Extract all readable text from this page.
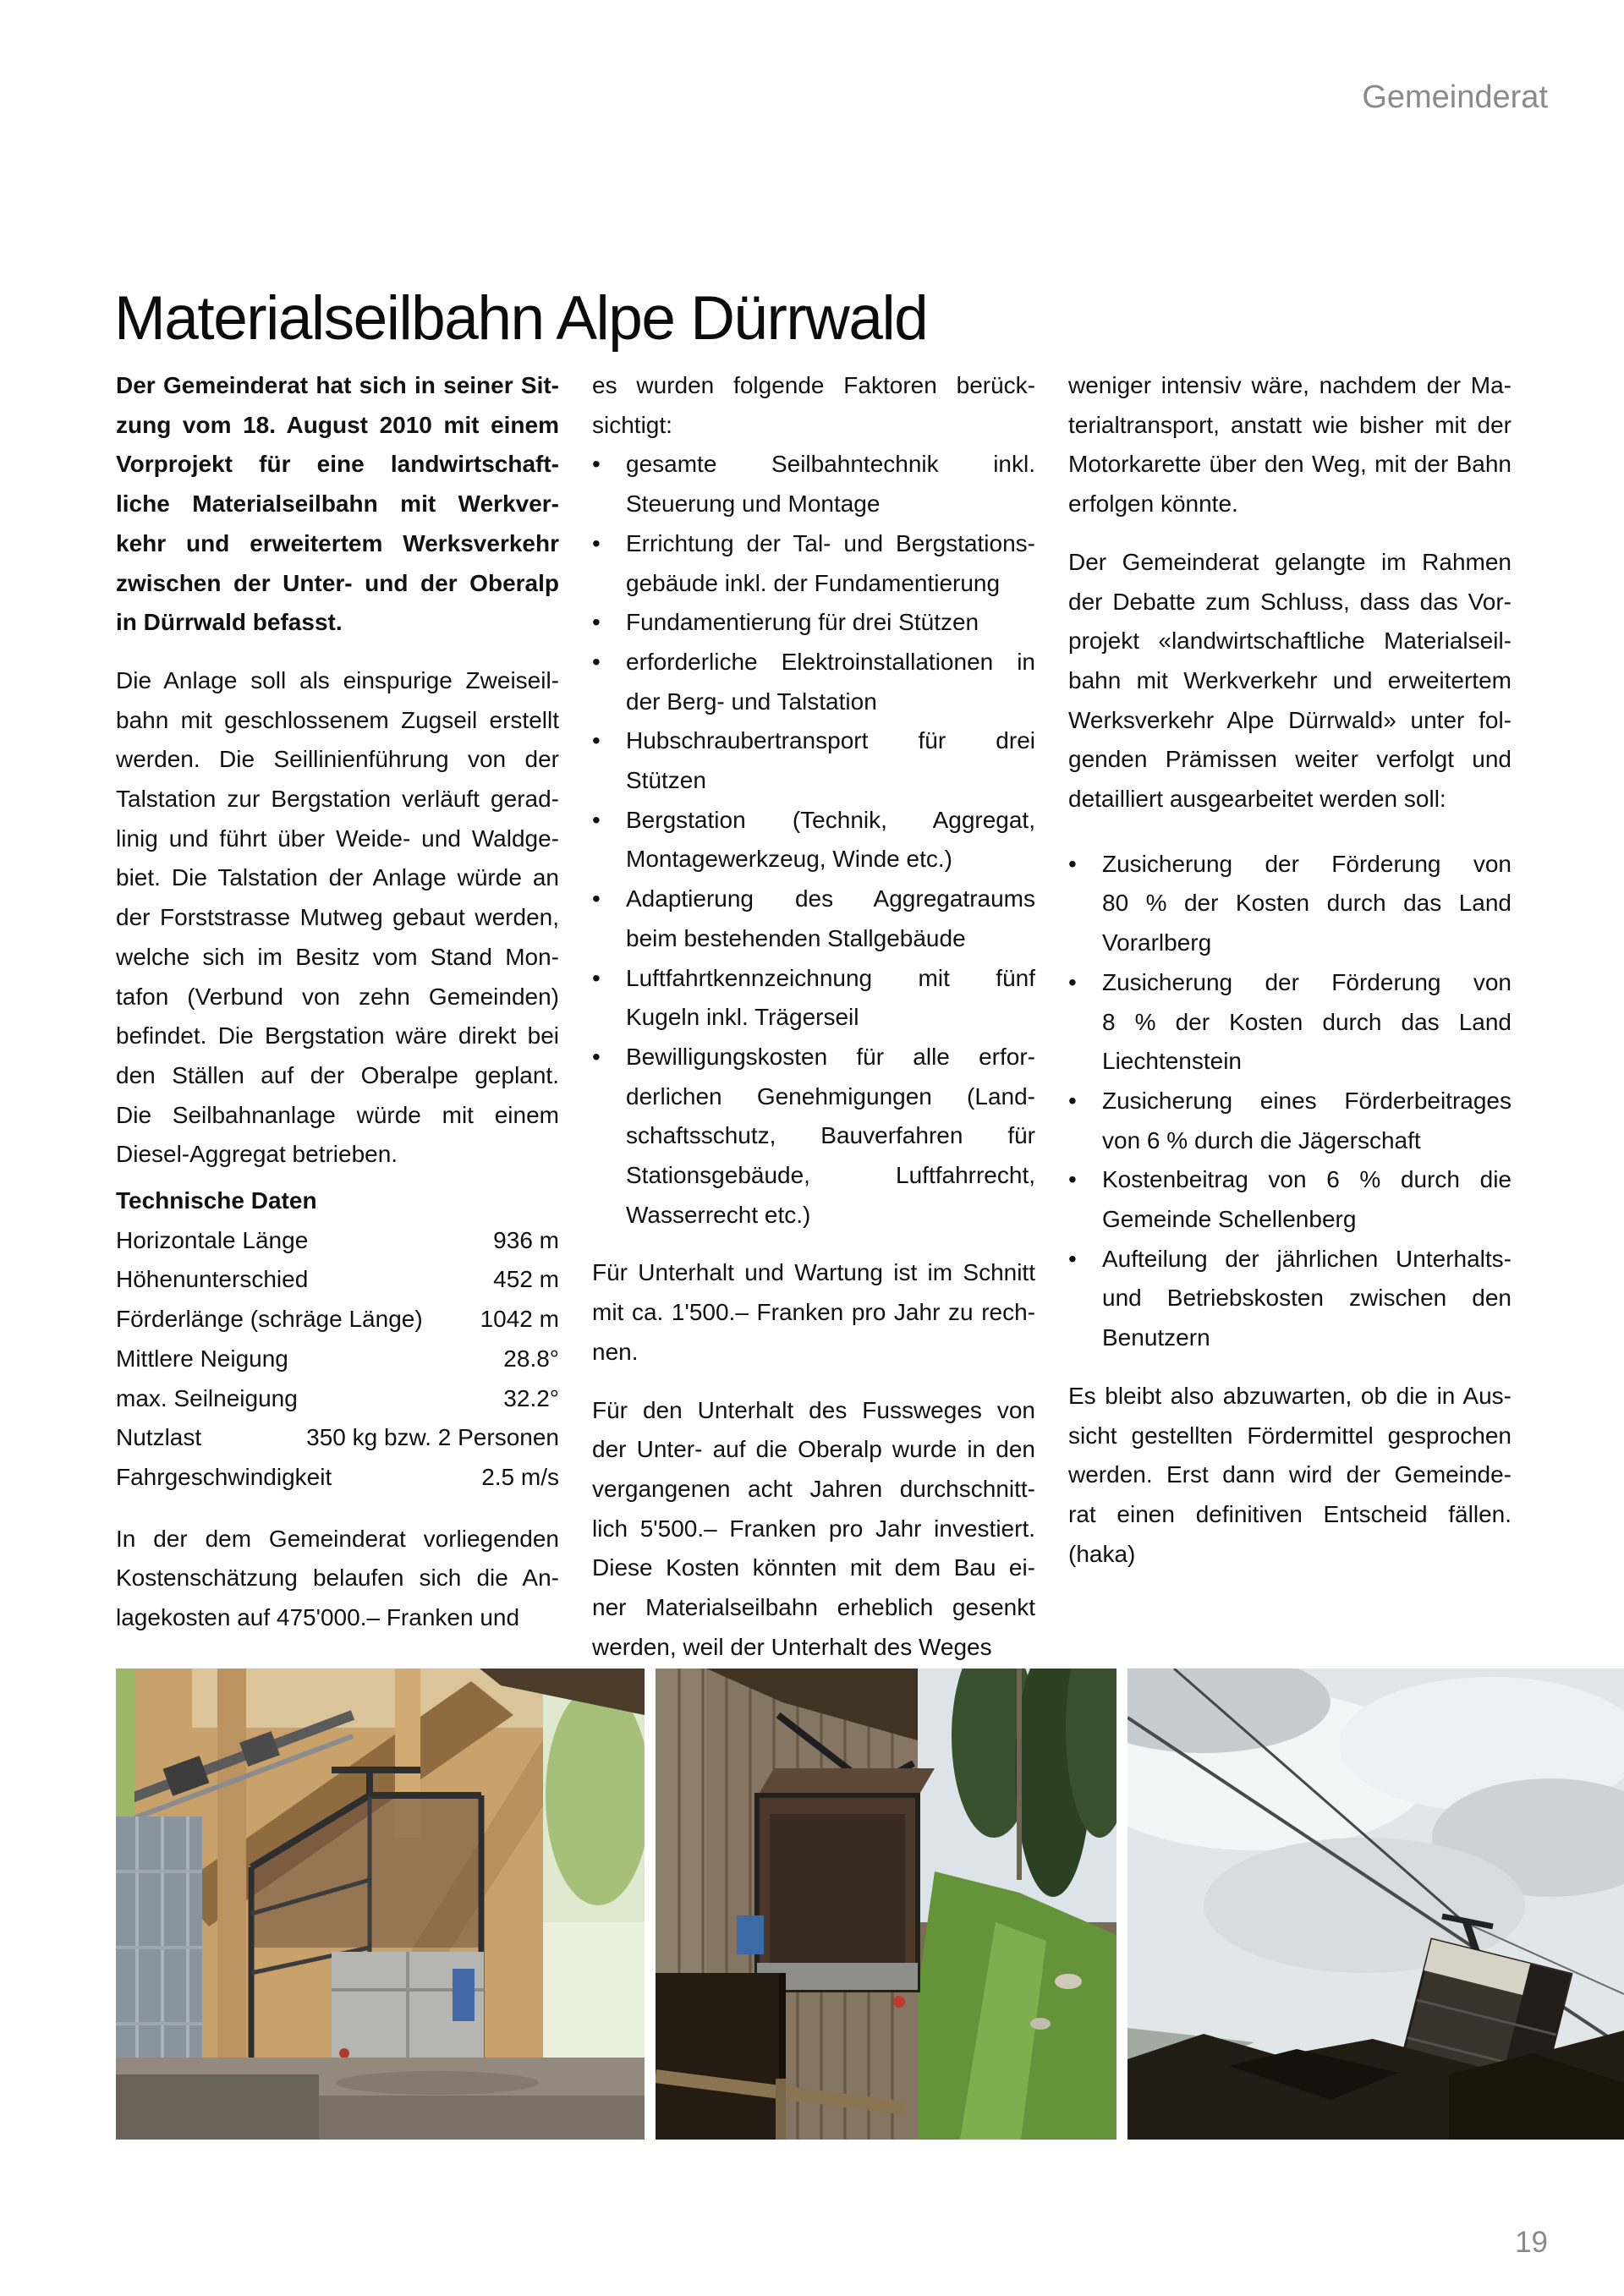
Gemeinderat
Materialseilbahn Alpe Dürrwald
Der Gemeinderat hat sich in seiner Sit-
zung vom 18. August 2010 mit einem
Vorprojekt für eine landwirtschaft-
liche Materialseilbahn mit Werkver-
kehr und erweitertem Werksverkehr
zwischen der Unter- und der Oberalp
in Dürrwald befasst.
Die Anlage soll als einspurige Zweiseil-
bahn mit geschlossenem Zugseil erstellt
werden. Die Seillinienführung von der
Talstation zur Bergstation verläuft gerad-
linig und führt über Weide- und Waldge-
biet. Die Talstation der Anlage würde an
der Forststrasse Mutweg gebaut werden,
welche sich im Besitz vom Stand Mon-
tafon (Verbund von zehn Gemeinden)
befindet. Die Bergstation wäre direkt bei
den Ställen auf der Oberalpe geplant.
Die Seilbahnanlage würde mit einem
Diesel-Aggregat betrieben.
Technische Daten
Horizontale Länge	936 m
Höhenunterschied	452 m
Förderlänge (schräge Länge) 1042 m
Mittlere Neigung	28.8°
max. Seilneigung	32.2°
Nutzlast	350 kg bzw. 2 Personen
Fahrgeschwindigkeit	2.5 m/s
In der dem Gemeinderat vorliegenden
Kostenschätzung belaufen sich die An-
lagekosten auf 475'000.– Franken und
es wurden folgende Faktoren berück-
sichtigt:
•	gesamte Seilbahntechnik inkl.
Steuerung und Montage
•	Errichtung der Tal- und Bergstations-
gebäude inkl. der Fundamentierung
•	Fundamentierung für drei Stützen
•	erforderliche Elektroinstallationen in
der Berg- und Talstation
•	Hubschraubertransport für drei
Stützen
•	Bergstation (Technik, Aggregat,
Montagewerkzeug, Winde etc.)
•	Adaptierung des Aggregatraums
beim bestehenden Stallgebäude
•	Luftfahrtkennzeichnung mit fünf
Kugeln inkl. Trägerseil
•	Bewilligungskosten für alle erfor-
derlichen Genehmigungen (Land-
schaftsschutz, Bauverfahren für
Stationsgebäude, Luftfahrrecht,
Wasserrecht etc.)
Für Unterhalt und Wartung ist im Schnitt
mit ca. 1'500.– Franken pro Jahr zu rech-
nen.
Für den Unterhalt des Fussweges von
der Unter- auf die Oberalp wurde in den
vergangenen acht Jahren durchschnitt-
lich 5'500.– Franken pro Jahr investiert.
Diese Kosten könnten mit dem Bau ei-
ner Materialseilbahn erheblich gesenkt
werden, weil der Unterhalt des Weges
weniger intensiv wäre, nachdem der Ma-
terialtransport, anstatt wie bisher mit der
Motorkarette über den Weg, mit der Bahn
erfolgen könnte.
Der Gemeinderat gelangte im Rahmen
der Debatte zum Schluss, dass das Vor-
projekt «landwirtschaftliche Materialseil-
bahn mit Werkverkehr und erweitertem
Werksverkehr Alpe Dürrwald» unter fol-
genden Prämissen weiter verfolgt und
detailliert ausgearbeitet werden soll:
•	Zusicherung der Förderung von
80 % der Kosten durch das Land
Vorarlberg
•	Zusicherung der Förderung von
8 % der Kosten durch das Land
Liechtenstein
•	Zusicherung eines Förderbeitrages
von 6 % durch die Jägerschaft
•	Kostenbeitrag von 6 % durch die
Gemeinde Schellenberg
•	Aufteilung der jährlichen Unterhalts-
und Betriebskosten zwischen den
Benutzern
Es bleibt also abzuwarten, ob die in Aus-
sicht gestellten Fördermittel gesprochen
werden. Erst dann wird der Gemeinde-
rat einen definitiven Entscheid fällen.
(haka)
19
